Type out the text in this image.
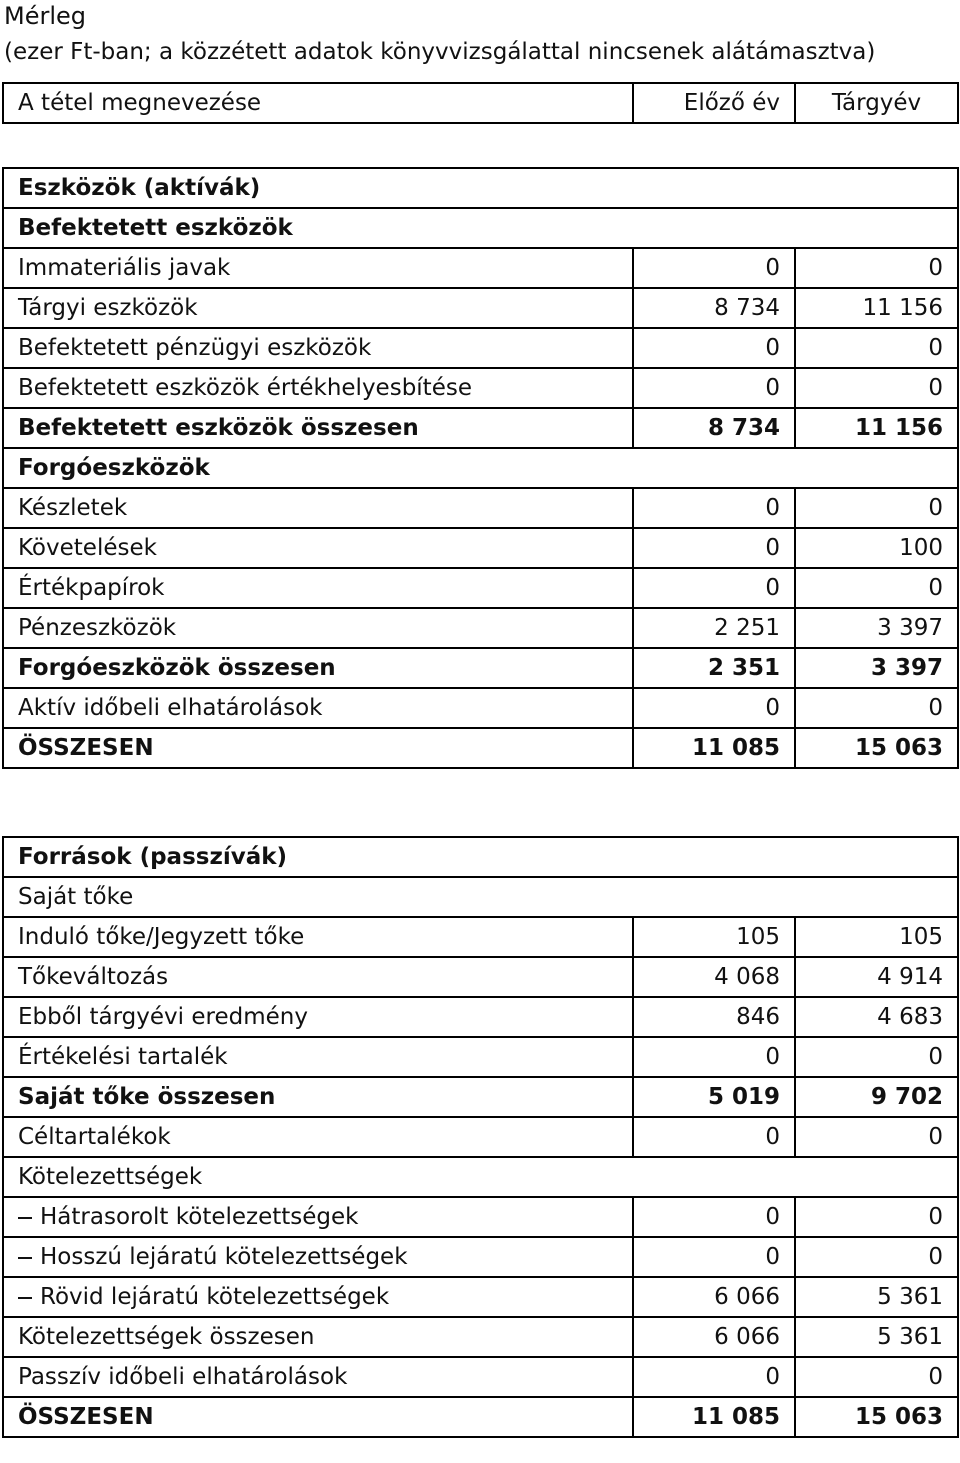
Mérleg
(ezer Ft-ban; a közzétett adatok könyvvizsgálattal nincsenek alátámasztva)
A tétel megnevezése	Előző év	Tárgyév
Eszközök (aktívák)		
Befektetett eszközök		
Immateriális javak	0	0
Tárgyi eszközök	8 734	11 156
Befektetett pénzügyi eszközök	0	0
Befektetett eszközök értékhelyesbítése	0	0
Befektetett eszközök összesen	8 734	11 156
Forgóeszközök		
Készletek	0	0
Követelések	0	100
Értékpapírok	0	0
Pénzeszközök	2 251	3 397
Forgóeszközök összesen	2 351	3 397
Aktív időbeli elhatárolások	0	0
ÖSSZESEN	11 085	15 063
Források (passzívák)		
Saját tőke		
Induló tőke/Jegyzett tőke	105	105
Tőkeváltozás	4 068	4 914
Ebből tárgyévi eredmény	846	4 683
Értékelési tartalék	0	0
Saját tőke összesen	5 019	9 702
Céltartalékok	0	0
Kötelezettségek		
Hátrasorolt kötelezettségek	0	0
Hosszú lejáratú kötelezettségek	0	0
Rövid lejáratú kötelezettségek	6 066	5 361
Kötelezettségek összesen	6 066	5 361
Passzív időbeli elhatárolások	0	0
ÖSSZESEN	11 085	15 063
